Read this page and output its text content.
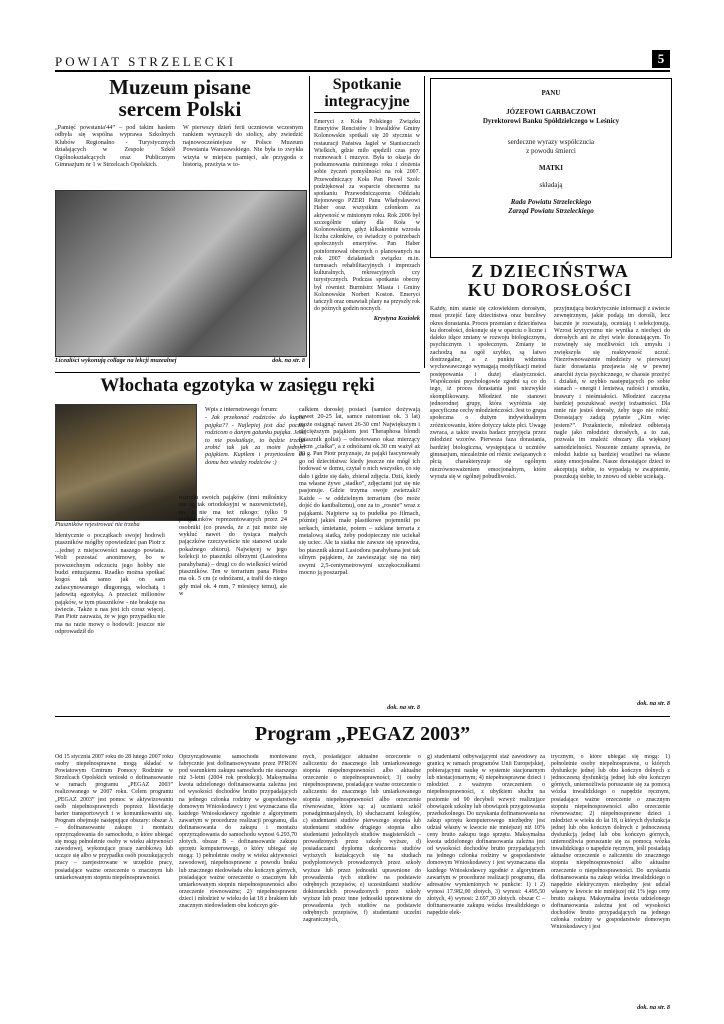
POWIAT STRZELECKI	5
Muzeum pisane
sercem Polski
„Pamięć powstania'44” – pod takim hasłem odbyła się wspólna wyprawa Szkolnych Klubów Regionalno - Turystycznych działających w Zespole Szkół Ogólnokształcących oraz Publicznym Gimnazjum nr 1 w Strzelcach Opolskich.
W pierwszy dzień ferii uczniowie wczesnym rankiem wyruszyli do stolicy, aby zwiedzić najnowocześniejsze w Polsce Muzeum Powstania Warszawskiego. Nie była to zwykła wizyta w miejscu pamięci, ale przygoda z historią, przeżyta w to-
Licealiści wykonują collage na lekcji muzealnej	dok. na str. 8
Spotkanie
integracyjne
Emeryci z Koła Polskiego Związku Emerytów Rencistów i Inwalidów Gminy Kolonowskie spotkali się 20 stycznia w restauracji Państwa Jagieł w Staniszczach Wielkich, gdzie miło spędzili czas przy rozmowach i muzyce. Była to okazja do podsumowania minionego roku i złożenia sobie życzeń pomyślności na rok 2007. Przewodniczący Koła Pan Paweł Szolc podziękował za wsparcie obecnemu na spotkaniu Przewodniczącemu Oddziału Rejonowego PZERI Panu Władysławowi Haber oraz wszystkim członkom za aktywność w minionym roku. Rok 2006 był szczególnie udany dla Koła w Kolonowskiem, gdyż kilkakrotnie wzrosła liczba członków, co świadczy o potrzebach społecznych emerytów. Pan Haber poinformował obecnych o planowanych na rok 2007 działaniach związku m.in. turnusach rehabilitacyjnych i imprezach kulturalnych, rekreacyjnych czy turystycznych. Podczas spotkania obecny był również Burmistrz Miasta i Gminy Kolonowskie Norbert Koston. Emeryci tańczyli oraz omawiali plany na przyszły rok do późnych godzin nocnych.
Krystyna Koziołek
PANU
JÓZEFOWI GARBACZOWI
Dyrektorowi Banku Spółdzielczego w Leśnicy
serdeczne wyrazy współczucia
z powodu śmierci
MATKI
składają
Rada Powiatu Strzeleckiego
Zarząd Powiatu Strzeleckiego
Z DZIECIŃSTWA
KU DOROSŁOŚCI
Każdy, nim stanie się człowiekiem dorosłym, musi przejść fazę dzieciństwa oraz burzliwy okres dorastania. Proces przemian z dzieciństwa ku dorosłości, dokonuje się w oparciu o liczne i daleko idące zmiany w rozwoju biologicznym, psychicznym i społecznym. Zmiany te zachodzą na ogół szybko, są łatwo dostrzegalne, a z punktu widzenia wychowawczego wymagają modyfikacji metod postępowania i dużej elastyczności. Współcześni psychologowie zgodni są co do tego, iż proces dorastania jest niezwykle skomplikowany. Młodzież nie stanowi jednorodnej grupy, która wyróżnia się specyficzne cechy młodzieńczości. Jest to grupa społeczna o dużym indywidualnym zróżnicowaniu, które dotyczy także płci. Uwagę zwraca, a także uważa badacz przyjęcia przez młodzież wzorów. Pierwsza faza dorastania, bardziej biologiczna, występująca u uczniów gimnazjum, niezależnie od różnic związanych z płcią charakteryzuje się ogólnym niezrównoważeniem emocjonalnym, które wyraża się w ogólnej pobudliwości.
przyjmującą bezkrytycznie informacji z świecie zewnętrznym, jakie podają im dorośli, lecz bacznie je rozważają, oceniają i selekcjonują. Wzrost krytycyzmu nie wynika z niechęci do dorosłych ani że zbyt wiele dorastającym. To rozwinęły się możliwości ich umysłu i zwiększyła się reaktywność uczuć. Niezrównoważenie młodzieży w pierwszej fazie dorastania przejawia się w pewnej anarchii życia psychicznego, w chaosie przeżyć i działań, w szybko następujących po sobie stanach – energii i lenistwa, radości i smutku, brawury i nieśmiałości. Młodzież zaczyna bardziej poszukiwać swojej tożsamości. Dla mnie nie jesteś dorosły, żeby tego nie robić. Dorastający zadają pytanie „Kim więc jestem?”. Pozakniecie, młodzież odbierają nagle jako młodzież dorosłych, a to zaś, pozwala im znaleźć obszary dla większej samodzielności. Noszenie zmiany sprawia, że młodzi ludzie są bardziej wrażliwi na własne stany emocjonalne. Nasze dorastające dzieci to akceptują siebie, to wypadają w zwątpienie, poszukują siebie, to znowu od siebie uciekają.
dok. na str. 8
Włochata egzotyka w zasięgu ręki
Ptaszników rejestrować nie trzeba
Wpis z internetowego forum:
- Jak przekonać rodziców do kupna pająka?? - Najlepiej jest dać pocztą rodzicom o danym gatunku pająka. Jeśli to nie poskutkuje, to będzie trzeba zrobić tak jak za moim jednym pająkiem. Kupiłem i przyniosłem do domu bez wiedzy rodziców :)
Identycznie o początkach swojej hodowli ptaszników mógłby opowiedzieć pan Piotr z ...jednej z miejscowości naszego powiatu. Woli pozostać anonimowy, bo w powszechnym odczuciu jego hobby nie budzi entuzjazmu. Rzadko można spotkać kogoś tak samo jak on sam zafascynowanego długonogą, włochatą i jadowitą egzotyką. A przecież milionów pająków, w tym ptaszników - nie brakuje na świecie. Także u nas jest ich coraz więcej. Pan Piotr zauważa, że w jego przypadku nie ma na razie mowy o hodowli: jeszcze nie odprowadził do
rozrodu swoich pająków (inni miłośnicy nie są tak ortodoksyjni w nazewnictwie), no i nie ma też nikogo: tylko 9 podgatunków reprezentowanych przez 24 osobniki (co prawda, że z już może się wykluć nawet do tysiąca małych pajączków rzeczywiście nie stanowi ucale pokaźnego zbioru). Najwięcej w jego kolekcji to ptaszniki olbrzymi (Lasiodora parahybana) – drugi co do wielkości wśród ptaszników. Ten w terrarium pana Piotra ma ok. 5 cm (z odnóżami, a trafił do niego gdy miał ok. 4 mm, 7 miesięcy temu), ale w
całkiem dorosłej postaci (samice dożywają nawet 20-25 lat, samce natomiast ok. 3 lat) może osiągnąć nawet 26-30 cm! Największym i najcięższym pająkiem jest Theraphosa blondi (ptasznik goliat) – odnotowano okaz mierzący 14cm „ciałka”, a z odnóżami ok.30 cm ważył aż 80 g. Pan Piotr przyznaje, że pająki fascynowały go od dzieciństwa: kiedy jeszcze nie mógł ich hodować w domu, czytał o nich wszystko, co się dało i gdzie się dało, zbierał zdjęcia. Dziś, kiedy ma własne żywe „stadko”, zdjęciami już się nie pasjonuje. Gdzie trzyma swoje zwierzaki? Każde – w oddzielnym terrarium (bo może dojść do kanibalizmu), one za to „rosnie” wraz z pająkami. Najpierw są to pudełka po filmach, później jakieś małe plastikowe pojemniki po serkach, śmietanie, potem – szklane terraria z metalową siatką, żeby podopieczny nie uciekał się uciec. Ale ta siatka nie zawsze się sprawdza, bo ptasznik akurat Lasiodora parahybana jest tak silnym pająkiem, że zawieszając się na niej swymi 2,5-centymetrowymi szczękoczułkami mocno ją poszarpał.
dok. na str. 8
Program „PEGAZ 2003”
Od 15 stycznia 2007 roku do 28 lutego 2007 roku osoby niepełnosprawne mogą składać w Powiatowym Centrum Pomocy Rodzinie w Strzelcach Opolskich wnioski o dofinansowanie w ramach programu „PEGAZ 2003” realizowanego w 2007 roku. Celem programu „PEGAZ 2003” jest pomoc w aktywizowaniu osób niepełnosprawnych poprzez likwidację barier transportowych i w komunikowaniu się. Program obejmuje następujące obszary: obszar A – dofinansowanie zakupu i montażu oprzyrządowania do samochodu, o które ubiegać się mogą pełnoletnie osoby w wieku aktywności zawodowej, wykonujące pracę zarobkową lub uczące się albo w przypadku osób poszukujących pracy – zarejestrowane w urzędzie pracy, posiadające ważne orzeczenie o znacznym lub umiarkowanym stopniu niepełnosprawności.
Oprzyrządowanie samochodu montowane fabrycznie jest dofinansowywane przez PFRON pod warunkiem zakupu samochodu nie starszego niż 3-letni (2004 rok produkcji). Maksymalna kwota udzielonego dofinansowania zależna jest od wysokości dochodów brutto przypadających na jednego członka rodziny w gospodarstwie domowym Wnioskodawcy i jest wyznaczana dla każdego Wnioskodawcy zgodnie z algorytmem zawartym w procedurze realizacji programu, dla dofinansowania do zakupu i montażu oprzyrządowania do samochodu wynosi 6.293,70 złotych. obszar B – dofinansowanie zakupu sprzętu komputerowego, o który ubiegać się mogą: 1) pełnoletnie osoby w wieku aktywności zawodowej, niepełnosprawne z powodu braku lub znacznego niedowładu obu kończyn górnych, posiadające ważne orzeczenie o znacznym lub umiarkowanym stopniu niepełnosprawności albo orzeczenie równoważne; 2) niepełnosprawne dzieci i młodzież w wieku do lat 18 z brakiem lub znacznym niedowładem obu kończyn gór-
nych, posiadające aktualne orzeczenie o zaliczeniu do znacznego lub umiarkowanego stopnia niepełnosprawności albo aktualne orzeczenie o niepełnosprawności; 3) osoby niepełnosprawne, posiadające ważne orzeczenie o zaliczeniu do znacznego lub umiarkowanego stopnia niepełnosprawności albo orzeczenie równoważne, które są: a) uczniami szkół ponadgimnazjalnych, b) słuchaczami kolegiów, c) studentami studiów pierwszego stopnia lub studentami studiów drugiego stopnia albo studentami jednolitych studiów magisterskich – prowadzonych przez szkoły wyższe, d) posiadaczami dyplomu ukończenia studiów wyższych kształcących się na studiach podyplomowych prowadzonych przez szkoły wyższe lub przez jednostki uprawnione do prowadzenia tych studiów na podstawie odrębnych przepisów, e) uczestnikami studiów doktoranckich prowadzonych przez szkoły wyższe lub przez inne jednostki uprawnione do prowadzenia tych studiów na podstawie odrębnych przepisów, f) studentami uczelni zagranicznych,
g) studentami odbywającymi staż zawodowy za granicą w ramach programów Unii Europejskiej, pobierającymi naukę w systemie stacjonarnym lub niestacjonarnym; 4) niepełnosprawne dzieci i młodzież z ważnym orzeczeniem o niepełnosprawności, z ubytkiem słuchu na poziomie od 90 decybeli wzwyż realizujące obowiązek szkolny lub obowiązek przygotowania przedszkolnego. Do uzyskania dofinansowania na zakup sprzętu komputerowego niezbędny jest udział własny w kwocie nie mniejszej niż 10% ceny brutto zakupu tego sprzętu. Maksymalna kwota udzielonego dofinansowania zależna jest od wysokości dochodów brutto przypadających na jednego członka rodziny w gospodarstwie domowym Wnioskodawcy i jest wyznaczana dla każdego Wnioskodawcy zgodnie z algorytmem zawartym w procedurze realizacji programu, dla adresatów wymienionych w punkcie: 1) i 2) wynosi 17.982,00 złotych, 3) wynosi: 4.495,50 złotych, 4) wynosi: 2.697,30 złotych. obszar C – dofinansowanie zakupu wózka inwalidzkiego o napędzie elek-
trycznym, o które ubiegać się mogą: 1) pełnoletnie osoby niepełnosprawne, u których dysfunkcje jednej lub obu kończyn dolnych z jednoczesną dysfunkcją jednej lub obu kończyn górnych, uniemożliwia poruszanie się za pomocą wózka inwalidzkiego o napędzie ręcznym, posiadające ważne orzeczenie o znacznym stopniu niepełnosprawności albo orzeczenie równoważne; 2) niepełnosprawne dzieci i młodzież w wieku do lat 18, u których dysfunkcja jednej lub obu kończyn dolnych z jednoczesną dysfunkcją jednej lub obu kończyn górnych, uniemożliwia poruszanie się za pomocą wózka inwalidzkiego o napędzie ręcznym, jeśli posiadają aktualne orzeczenie o zaliczeniu do znacznego stopnia niepełnosprawności albo aktualne orzeczenie o niepełnosprawności. Do uzyskania dofinansowania na zakup wózka inwalidzkiego o napędzie elektrycznym niezbędny jest udział własny w kwocie nie mniejszej niż 1% jego ceny brutto zakupu. Maksymalna kwota udzielonego dofinansowania zależna jest od wysokości dochodów brutto przypadających na jednego członka rodziny w gospodarstwie domowym Wnioskodawcy i jest
dok. na str. 8
